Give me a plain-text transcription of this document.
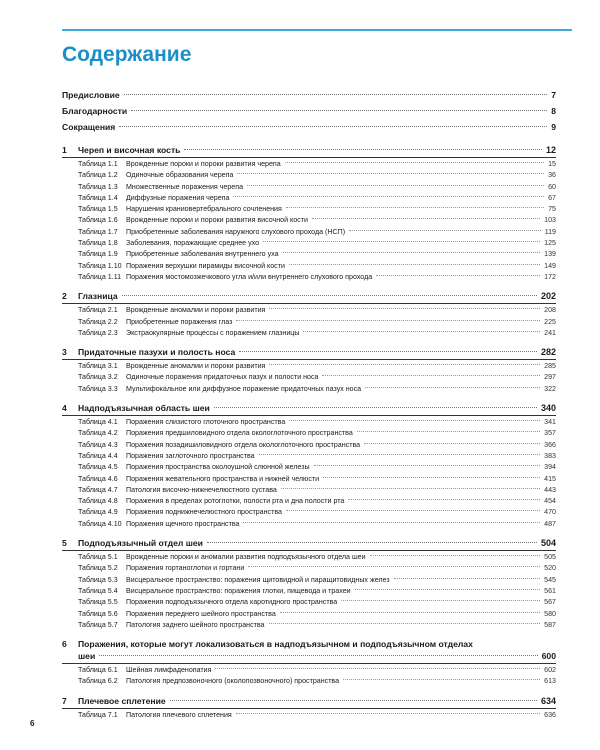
Содержание
Предисловие	7
Благодарности	8
Сокращения	9
1 Череп и височная кость	12
Таблица 1.1 Врожденные пороки и пороки развития черепа	15
Таблица 1.2 Одиночные образования черепа	36
Таблица 1.3 Множественные поражения черепа	60
Таблица 1.4 Диффузные поражения черепа	67
Таблица 1.5 Нарушения краниовертебрального сочленения	75
Таблица 1.6 Врожденные пороки и пороки развития височной кости	103
Таблица 1.7 Приобретенные заболевания наружного слухового прохода (НСП)	119
Таблица 1.8 Заболевания, поражающие среднее ухо	125
Таблица 1.9 Приобретенные заболевания внутреннего уха	139
Таблица 1.10 Поражения верхушки пирамиды височной кости	149
Таблица 1.11 Поражения мостомозжечкового угла и/или внутреннего слухового прохода	172
2 Глазница	202
Таблица 2.1 Врожденные аномалии и пороки развития	208
Таблица 2.2 Приобретенные поражения глаз	225
Таблица 2.3 Экстраокулярные процессы с поражением глазницы	241
3 Придаточные пазухи и полость носа	282
Таблица 3.1 Врожденные аномалии и пороки развития	285
Таблица 3.2 Одиночные поражения придаточных пазух и полости носа	297
Таблица 3.3 Мультифокальное или диффузное поражение придаточных пазух носа	322
4 Надподъязычная область шеи	340
Таблица 4.1 Поражения слизистого глоточного пространства	341
Таблица 4.2 Поражения предшиловидного отдела окологлоточного пространства	357
Таблица 4.3 Поражения позадишиловидного отдела окологлоточного пространства	366
Таблица 4.4 Поражения заглоточного пространства	383
Таблица 4.5 Поражения пространства околоушной слюнной железы	394
Таблица 4.6 Поражения жевательного пространства и нижней челюсти	415
Таблица 4.7 Патология височно-нижнечелюстного сустава	443
Таблица 4.8 Поражения в пределах ротоглотки, полости рта и дна полости рта	454
Таблица 4.9 Поражения поднижнечелюстного пространства	470
Таблица 4.10 Поражения щечного пространства	487
5 Подподъязычный отдел шеи	504
Таблица 5.1 Врожденные пороки и аномалии развития подподъязычного отдела шеи	505
Таблица 5.2 Поражения гортаноглотки и гортани	520
Таблица 5.3 Висцеральное пространство: поражения щитовидной и паращитовидных желез	545
Таблица 5.4 Висцеральное пространство: поражения глотки, пищевода и трахеи	561
Таблица 5.5 Поражения подподъязычного отдела каротидного пространства	567
Таблица 5.6 Поражения переднего шейного пространства	580
Таблица 5.7 Патология заднего шейного пространства	587
6 Поражения, которые могут локализоваться в надподъязычном и подподъязычном отделах
шеи	600
Таблица 6.1 Шейная лимфаденопатия	602
Таблица 6.2 Патология предпозвоночного (околопозвоночного) пространства	613
7 Плечевое сплетение	634
Таблица 7.1 Патология плечевого сплетения	636
6
